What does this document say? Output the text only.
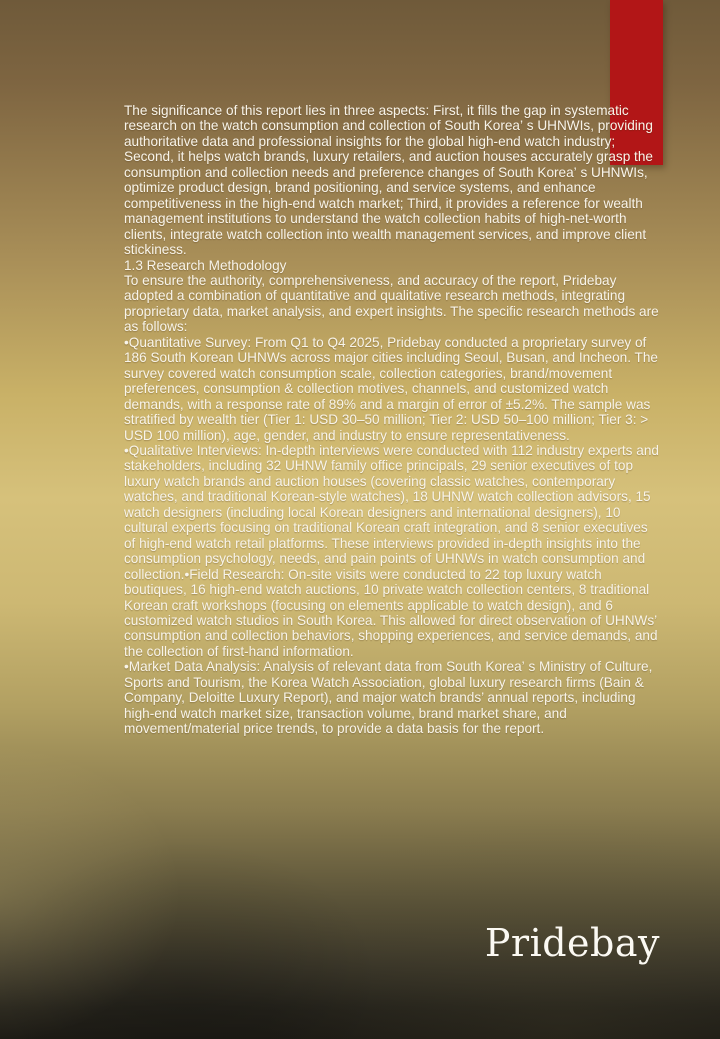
The significance of this report lies in three aspects: First, it fills the gap in systematic research on the watch consumption and collection of South Korea’ s UHNWIs, providing authoritative data and professional insights for the global high-end watch industry; Second, it helps watch brands, luxury retailers, and auction houses accurately grasp the consumption and collection needs and preference changes of South Korea’ s UHNWIs, optimize product design, brand positioning, and service systems, and enhance competitiveness in the high-end watch market; Third, it provides a reference for wealth management institutions to understand the watch collection habits of high-net-worth clients, integrate watch collection into wealth management services, and improve client stickiness.

1.3 Research Methodology

To ensure the authority, comprehensiveness, and accuracy of the report, Pridebay adopted a combination of quantitative and qualitative research methods, integrating proprietary data, market analysis, and expert insights. The specific research methods are as follows:

•Quantitative Survey: From Q1 to Q4 2025, Pridebay conducted a proprietary survey of 186 South Korean UHNWs across major cities including Seoul, Busan, and Incheon. The survey covered watch consumption scale, collection categories, brand/movement preferences, consumption & collection motives, channels, and customized watch demands, with a response rate of 89% and a margin of error of ±5.2%. The sample was stratified by wealth tier (Tier 1: USD 30–50 million; Tier 2: USD 50–100 million; Tier 3: > USD 100 million), age, gender, and industry to ensure representativeness.

•Qualitative Interviews: In-depth interviews were conducted with 112 industry experts and stakeholders, including 32 UHNW family office principals, 29 senior executives of top luxury watch brands and auction houses (covering classic watches, contemporary watches, and traditional Korean-style watches), 18 UHNW watch collection advisors, 15 watch designers (including local Korean designers and international designers), 10 cultural experts focusing on traditional Korean craft integration, and 8 senior executives of high-end watch retail platforms. These interviews provided in-depth insights into the consumption psychology, needs, and pain points of UHNWs in watch consumption and collection.•Field Research: On-site visits were conducted to 22 top luxury watch boutiques, 16 high-end watch auctions, 10 private watch collection centers, 8 traditional Korean craft workshops (focusing on elements applicable to watch design), and 6 customized watch studios in South Korea. This allowed for direct observation of UHNWs’  consumption and collection behaviors, shopping experiences, and service demands, and the collection of first-hand information.

•Market Data Analysis: Analysis of relevant data from South Korea’ s Ministry of Culture, Sports and Tourism, the Korea Watch Association, global luxury research firms (Bain & Company, Deloitte Luxury Report), and major watch brands’ annual reports, including high-end watch market size, transaction volume, brand market share, and movement/material price trends, to provide a data basis for the report.

Pridebay
